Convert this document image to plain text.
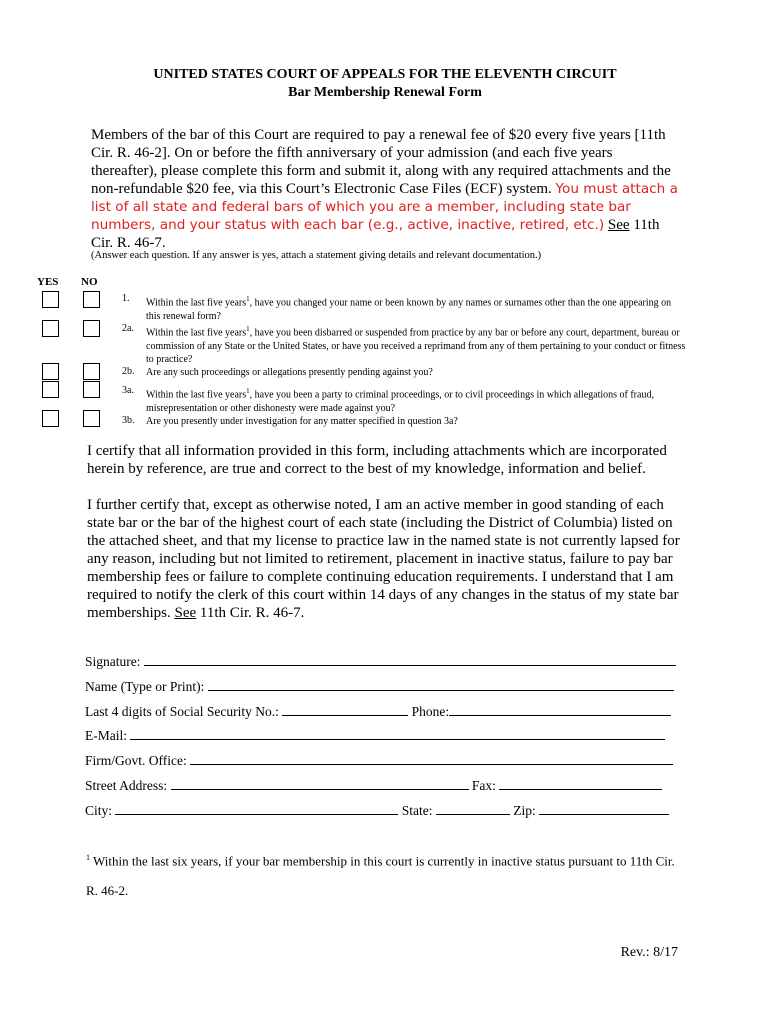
UNITED STATES COURT OF APPEALS FOR THE ELEVENTH CIRCUIT
Bar Membership Renewal Form
Members of the bar of this Court are required to pay a renewal fee of $20 every five years [11th Cir. R. 46-2]. On or before the fifth anniversary of your admission (and each five years thereafter), please complete this form and submit it, along with any required attachments and the non-refundable $20 fee, via this Court’s Electronic Case Files (ECF) system. You must attach a list of all state and federal bars of which you are a member, including state bar numbers, and your status with each bar (e.g., active, inactive, retired, etc.) See 11th Cir. R. 46-7.
(Answer each question. If any answer is yes, attach a statement giving details and relevant documentation.)
YES NO
1.	Within the last five years$^1$, have you changed your name or been known by any names or surnames other than the one appearing on this renewal form?
2a.	Within the last five years$^1$, have you been disbarred or suspended from practice by any bar or before any court, department, bureau or commission of any State or the United States, or have you received a reprimand from any of them pertaining to your conduct or fitness to practice?
2b.	Are any such proceedings or allegations presently pending against you?
3a.	Within the last five years$^1$, have you been a party to criminal proceedings, or to civil proceedings in which allegations of fraud, misrepresentation or other dishonesty were made against you?
3b.	Are you presently under investigation for any matter specified in question 3a?
I certify that all information provided in this form, including attachments which are incorporated herein by reference, are true and correct to the best of my knowledge, information and belief.
I further certify that, except as otherwise noted, I am an active member in good standing of each state bar or the bar of the highest court of each state (including the District of Columbia) listed on the attached sheet, and that my license to practice law in the named state is not currently lapsed for any reason, including but not limited to retirement, placement in inactive status, failure to pay bar membership fees or failure to complete continuing education requirements. I understand that I am required to notify the clerk of this court within 14 days of any changes in the status of my state bar memberships. See 11th Cir. R. 46-7.
Signature:
Name (Type or Print):
Last 4 digits of Social Security No.:	Phone:
E-Mail:
Firm/Govt. Office:
Street Address:	Fax:
City:	State:	Zip:
$^1$ Within the last six years, if your bar membership in this court is currently in inactive status pursuant to 11th Cir. R. 46-2.
Rev.: 8/17
